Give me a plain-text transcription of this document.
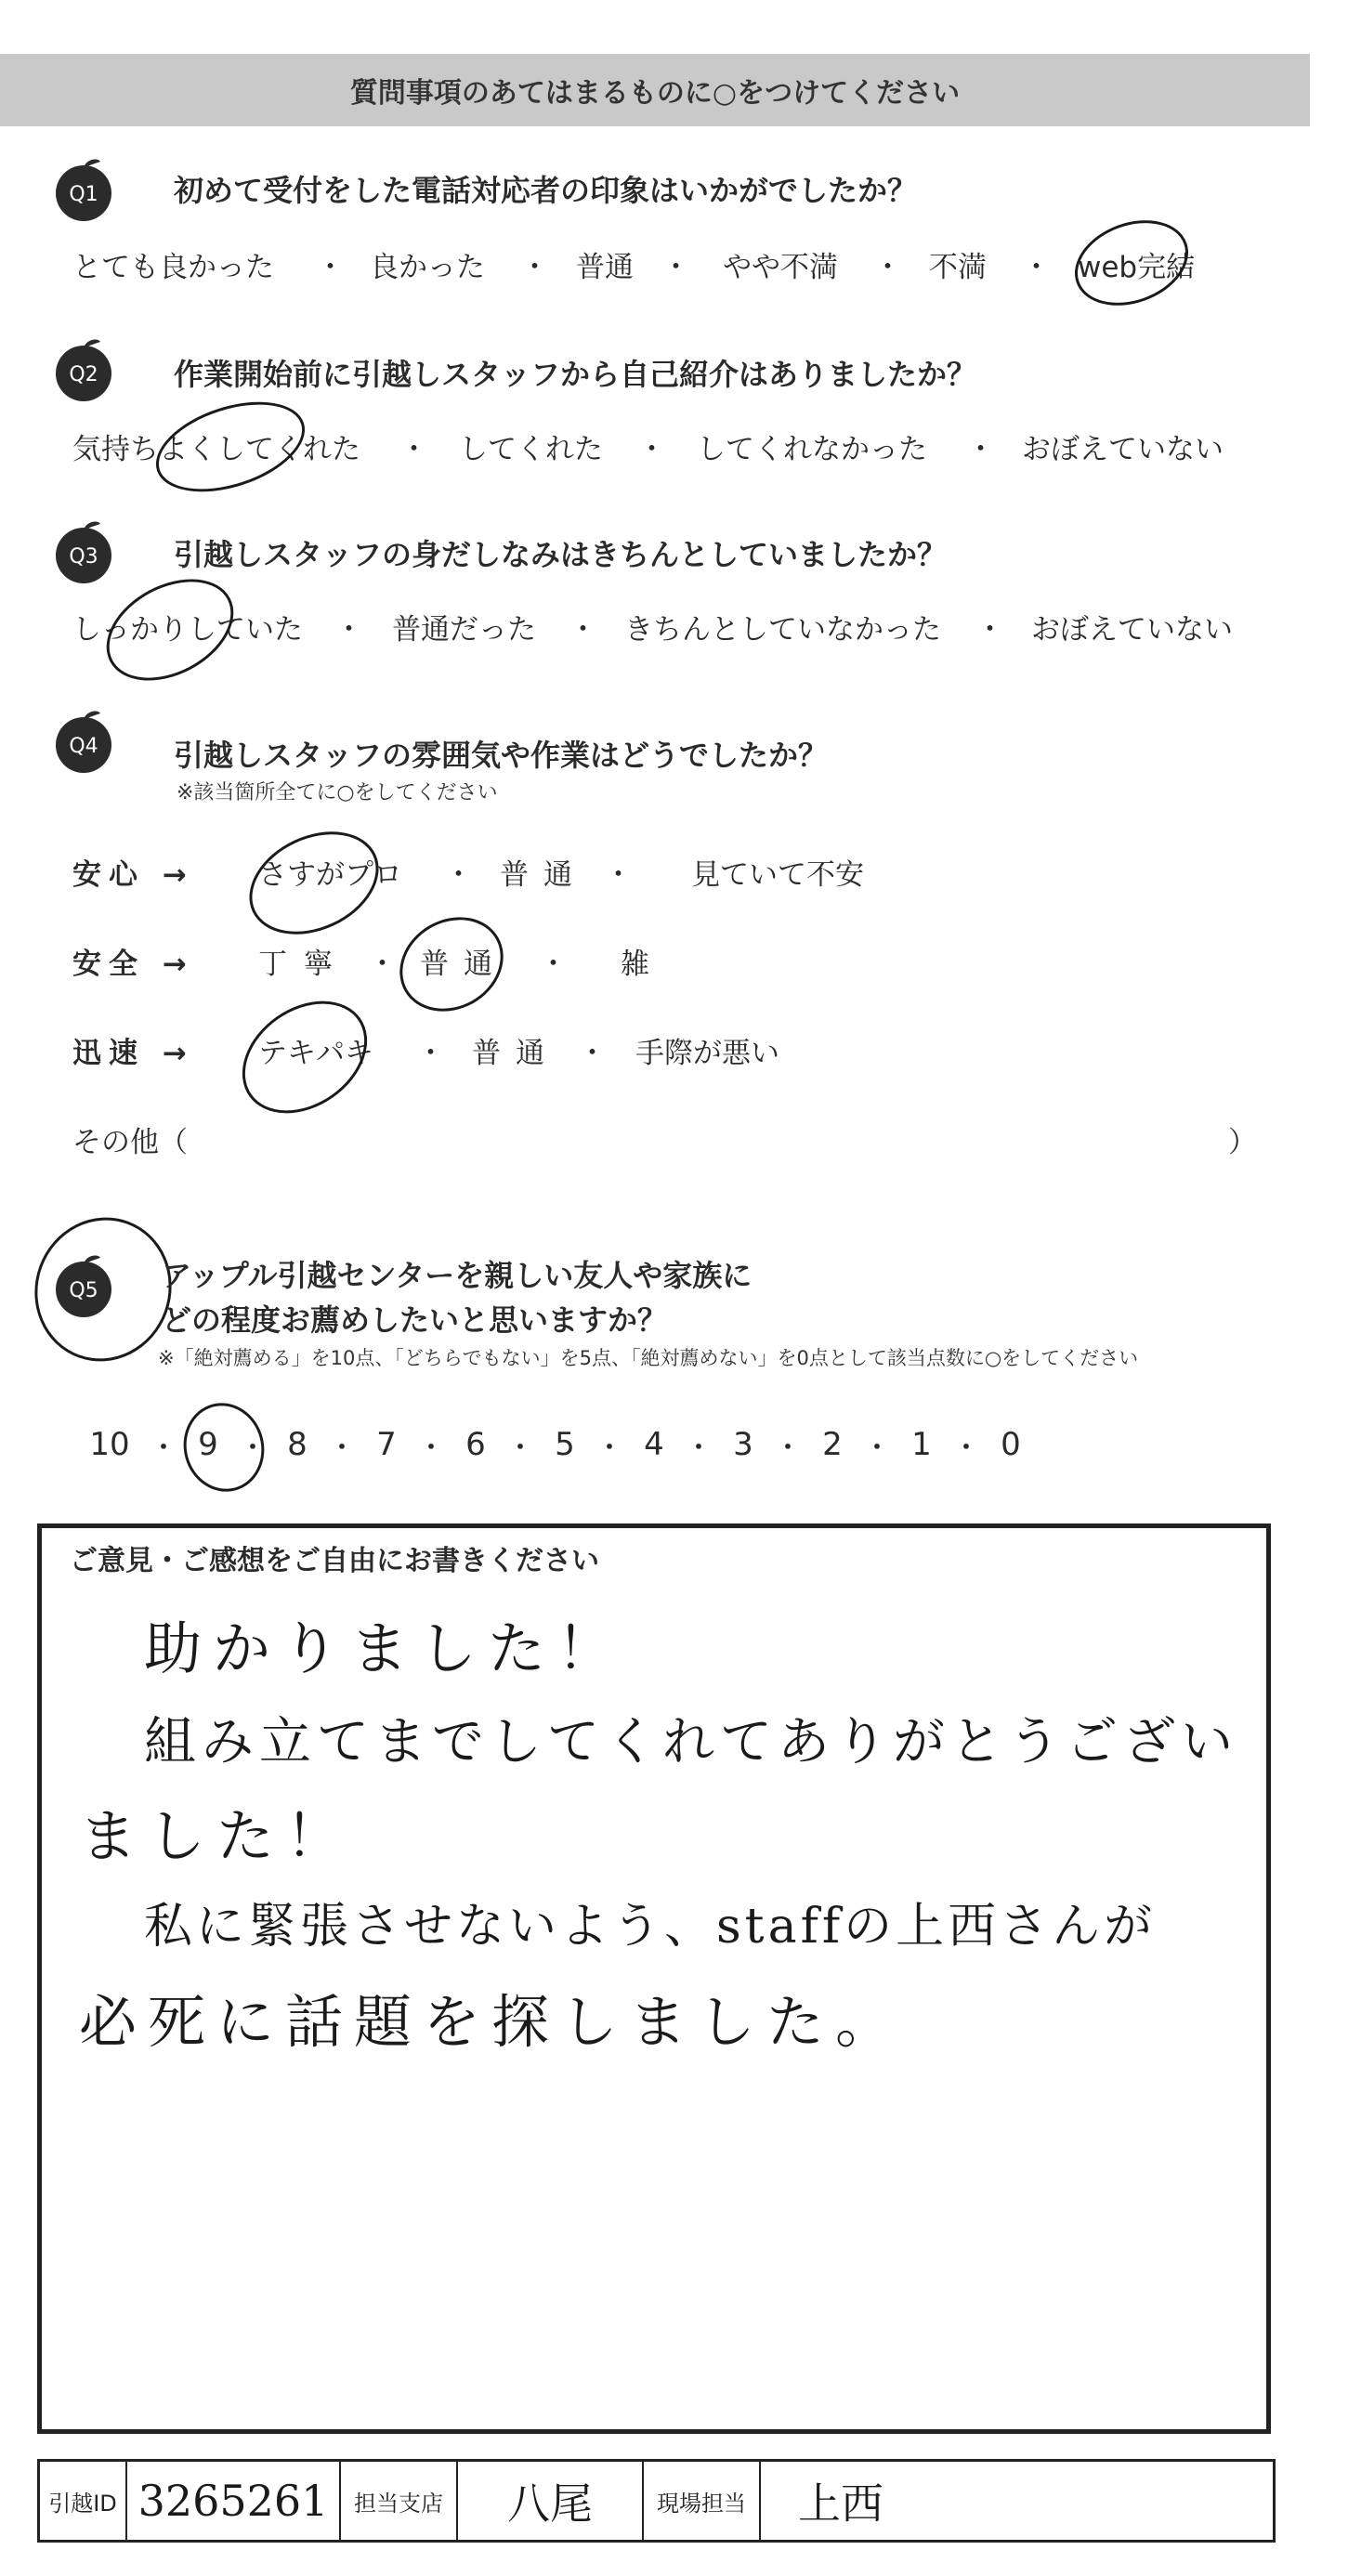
質問事項のあてはまるものに○をつけてください
Q1	初めて受付をした電話対応者の印象はいかがでしたか？
とても良かった ・ 良かった ・ 普通 ・ やや不満 ・ 不満 ・ web完結
Q2	作業開始前に引越しスタッフから自己紹介はありましたか？
気持ちよくしてくれた ・ してくれた ・ してくれなかった ・ おぼえていない
Q3	引越しスタッフの身だしなみはきちんとしていましたか？
しっかりしていた ・ 普通だった ・ きちんとしていなかった ・ おぼえていない
Q4	引越しスタッフの雰囲気や作業はどうでしたか？
※該当箇所全てに○をしてください
安心 → さすがプロ ・ 普通 ・ 見ていて不安
安全 → 丁寧 ・ 普通 ・ 雑
迅速 → テキパキ ・ 普通 ・ 手際が悪い
その他（	）
Q5 アップル引越センターを親しい友人や家族に
どの程度お薦めしたいと思いますか？
※「絶対薦める」を10点、「どちらでもない」を5点、「絶対薦めない」を0点として該当点数に○をしてください
10 ・ 9 ・ 8 ・ 7 ・ 6 ・ 5 ・ 4 ・ 3 ・ 2 ・ 1 ・ 0
ご意見・ご感想をご自由にお書きください
助かりました！
組み立てまでしてくれてありがとうござい
ました！
私に緊張させないよう、staffの上西さんが
必死に話題を探しました。
引越ID 3265261	担当支店	八尾	現場担当	上西
